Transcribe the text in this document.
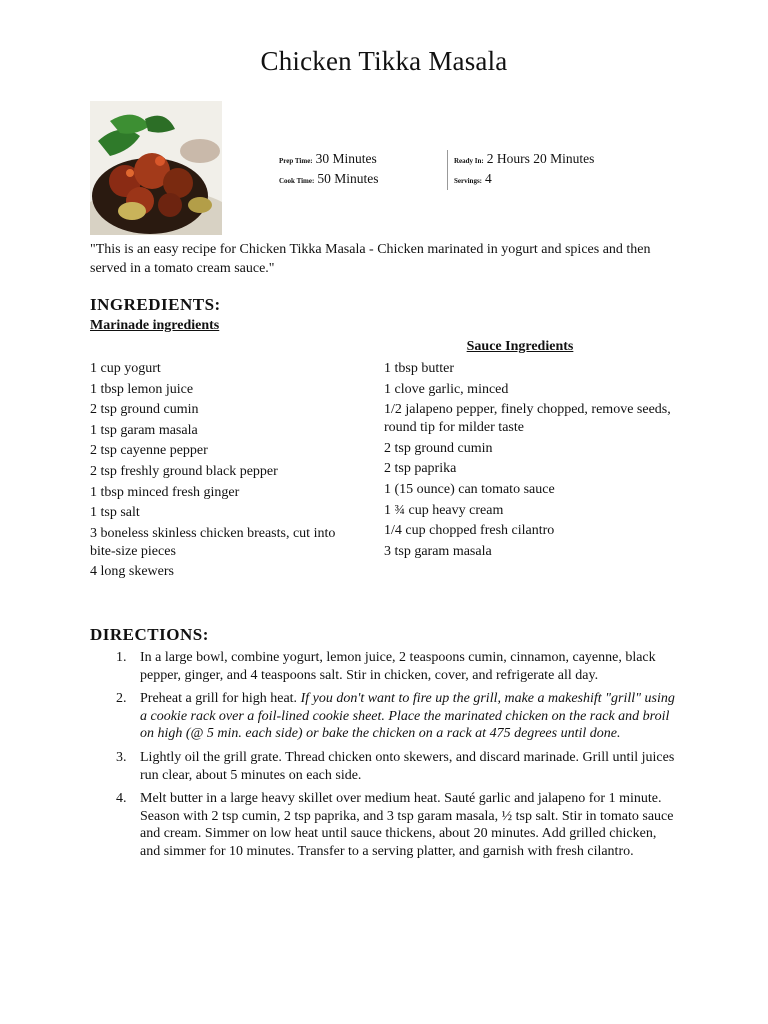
Chicken Tikka Masala
Prep Time: 30 Minutes
Cook Time: 50 Minutes
Ready In: 2 Hours 20 Minutes
Servings: 4
"This is an easy recipe for Chicken Tikka Masala - Chicken marinated in yogurt and spices and then served in a tomato cream sauce."
INGREDIENTS:
Marinade ingredients
Sauce Ingredients
1 cup yogurt
1 tbsp lemon juice
2 tsp ground cumin
1 tsp garam masala
2 tsp cayenne pepper
2 tsp freshly ground black pepper
1 tbsp minced fresh ginger
1 tsp salt
3 boneless skinless chicken breasts, cut into bite-size pieces
4 long skewers
1 tbsp butter
1 clove garlic, minced
1/2 jalapeno pepper, finely chopped, remove seeds, round tip for milder taste
2 tsp ground cumin
2 tsp paprika
1 (15 ounce) can tomato sauce
1 ¾ cup heavy cream
1/4 cup chopped fresh cilantro
3 tsp garam masala
DIRECTIONS:
1. In a large bowl, combine yogurt, lemon juice, 2 teaspoons cumin, cinnamon, cayenne, black pepper, ginger, and 4 teaspoons salt. Stir in chicken, cover, and refrigerate all day.
2. Preheat a grill for high heat. If you don't want to fire up the grill, make a makeshift "grill" using a cookie rack over a foil-lined cookie sheet. Place the marinated chicken on the rack and broil on high (@ 5 min. each side) or bake the chicken on a rack at 475 degrees until done.
3. Lightly oil the grill grate. Thread chicken onto skewers, and discard marinade. Grill until juices run clear, about 5 minutes on each side.
4. Melt butter in a large heavy skillet over medium heat. Sauté garlic and jalapeno for 1 minute. Season with 2 tsp cumin, 2 tsp paprika, and 3 tsp garam masala, ½ tsp salt. Stir in tomato sauce and cream. Simmer on low heat until sauce thickens, about 20 minutes. Add grilled chicken, and simmer for 10 minutes. Transfer to a serving platter, and garnish with fresh cilantro.
